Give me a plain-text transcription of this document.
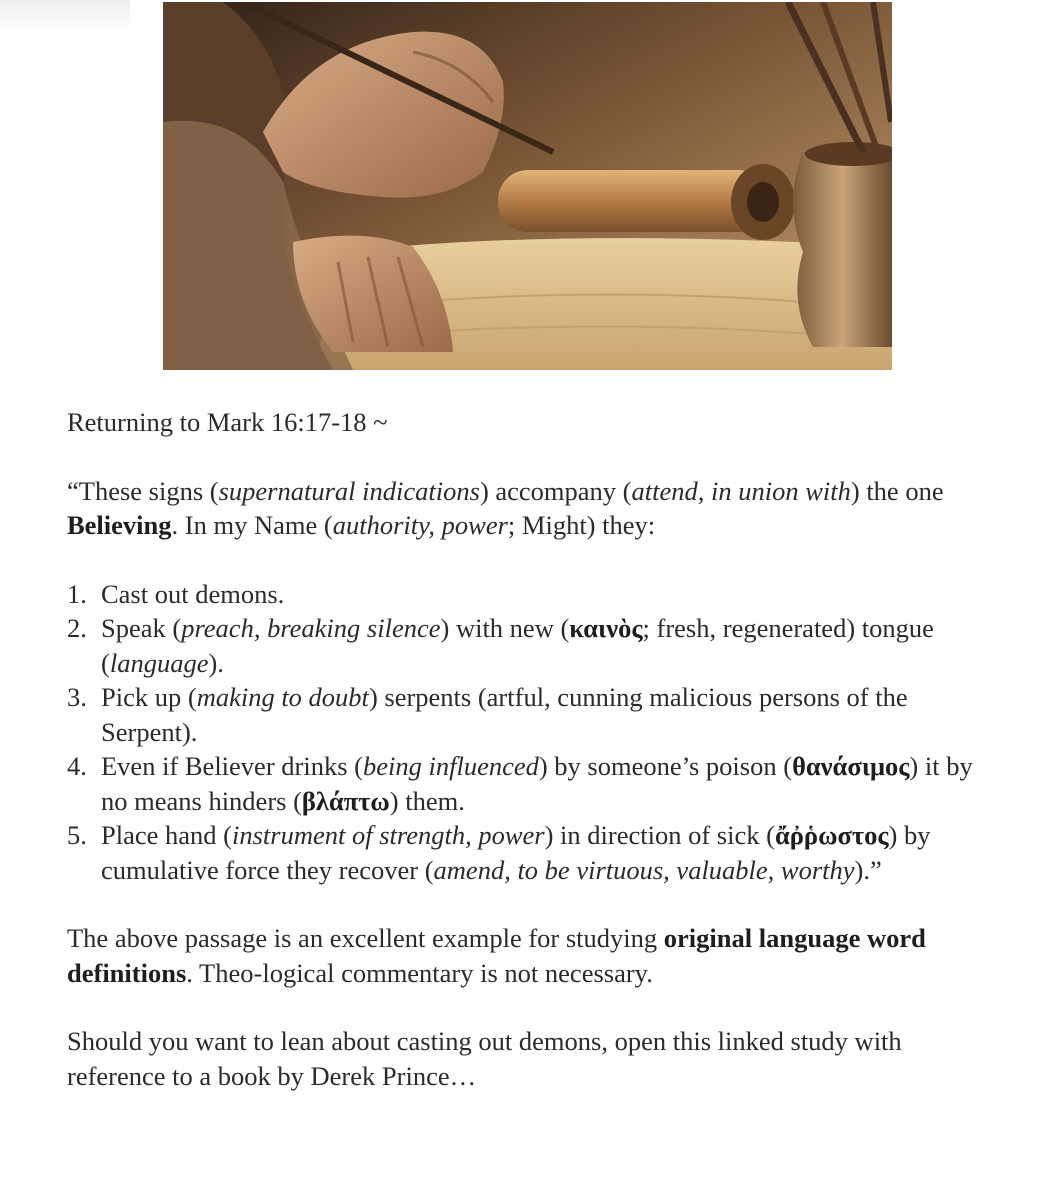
Returning to Mark 16:17-18 ~

“These signs (supernatural indications) accompany (attend, in union with) the one Believing. In my Name (authority, power; Might) they:

1. Cast out demons.
2. Speak (preach, breaking silence) with new (καινὸς; fresh, regenerated) tongue (language).
3. Pick up (making to doubt) serpents (artful, cunning malicious persons of the Serpent).
4. Even if Believer drinks (being influenced) by someone’s poison (θανάσιμος) it by no means hinders (βλάπτω) them.
5. Place hand (instrument of strength, power) in direction of sick (ἄῤῥωστος) by cumulative force they recover (amend, to be virtuous, valuable, worthy).”

The above passage is an excellent example for studying original language word definitions. Theo-logical commentary is not necessary.

Should you want to lean about casting out demons, open this linked study with reference to a book by Derek Prince…
